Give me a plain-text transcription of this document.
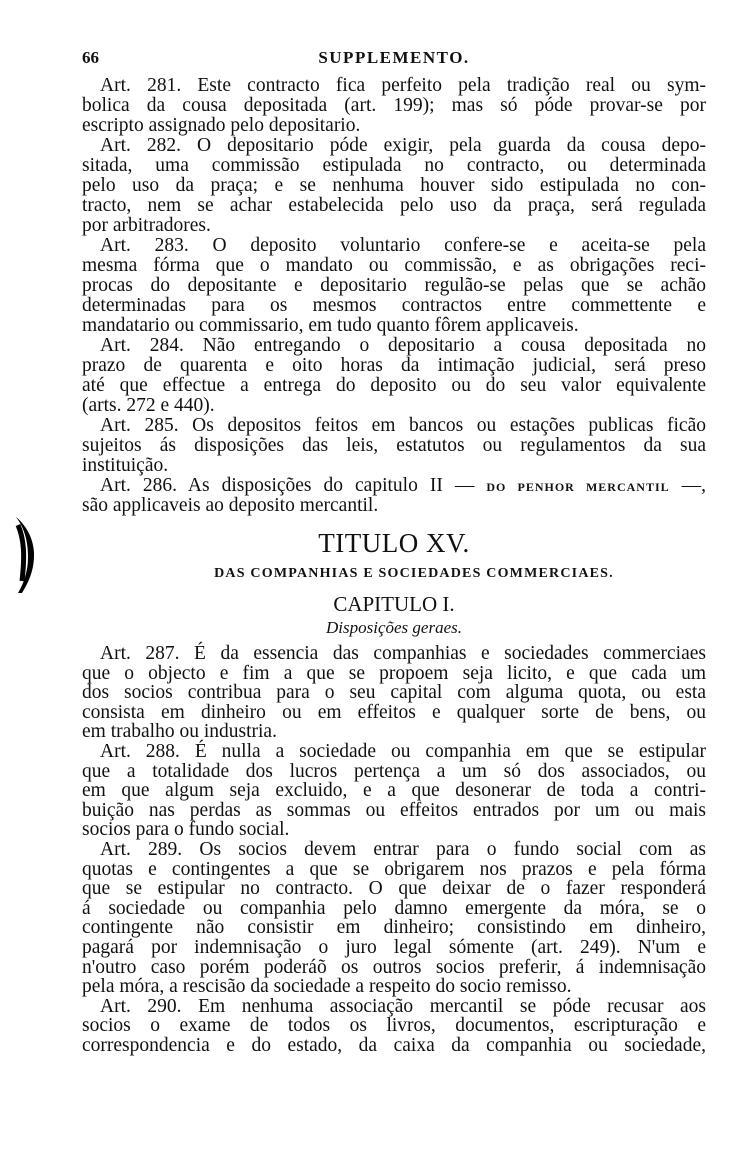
66	SUPPLEMENTO.
Art. 281. Este contracto fica perfeito pela tradição real ou sym-
bolica da cousa depositada (art. 199); mas só póde provar-se por
escripto assignado pelo depositario.
Art. 282. O depositario póde exigir, pela guarda da cousa depo-
sitada, uma commissão estipulada no contracto, ou determinada
pelo uso da praça; e se nenhuma houver sido estipulada no con-
tracto, nem se achar estabelecida pelo uso da praça, será regulada
por arbitradores.
Art. 283. O deposito voluntario confere-se e aceita-se pela
mesma fórma que o mandato ou commissão, e as obrigações reci-
procas do depositante e depositario regulão-se pelas que se achão
determinadas para os mesmos contractos entre commettente e
mandatario ou commissario, em tudo quanto fôrem applicaveis.
Art. 284. Não entregando o depositario a cousa depositada no
prazo de quarenta e oito horas da intimação judicial, será preso
até que effectue a entrega do deposito ou do seu valor equivalente
(arts. 272 e 440).
Art. 285. Os depositos feitos em bancos ou estações publicas ficão
sujeitos ás disposições das leis, estatutos ou regulamentos da sua
instituição.
Art. 286. As disposições do capitulo II — DO PENHOR MERCANTIL —,
são applicaveis ao deposito mercantil.
TITULO XV.
DAS COMPANHIAS E SOCIEDADES COMMERCIAES.
CAPITULO I.
Disposições geraes.
Art. 287. É da essencia das companhias e sociedades commerciaes
que o objecto e fim a que se propoem seja licito, e que cada um
dos socios contribua para o seu capital com alguma quota, ou esta
consista em dinheiro ou em effeitos e qualquer sorte de bens, ou
em trabalho ou industria.
Art. 288. É nulla a sociedade ou companhia em que se estipular
que a totalidade dos lucros pertença a um só dos associados, ou
em que algum seja excluido, e a que desonerar de toda a contri-
buição nas perdas as sommas ou effeitos entrados por um ou mais
socios para o fundo social.
Art. 289. Os socios devem entrar para o fundo social com as
quotas e contingentes a que se obrigarem nos prazos e pela fórma
que se estipular no contracto. O que deixar de o fazer responderá
á sociedade ou companhia pelo damno emergente da móra, se o
contingente não consistir em dinheiro; consistindo em dinheiro,
pagará por indemnisação o juro legal sómente (art. 249). N'um e
n'outro caso porém poderáõ os outros socios preferir, á indemnisação
pela móra, a rescisão da sociedade a respeito do socio remisso.
Art. 290. Em nenhuma associação mercantil se póde recusar aos
socios o exame de todos os livros, documentos, escripturação e
correspondencia e do estado, da caixa da companhia ou sociedade,
